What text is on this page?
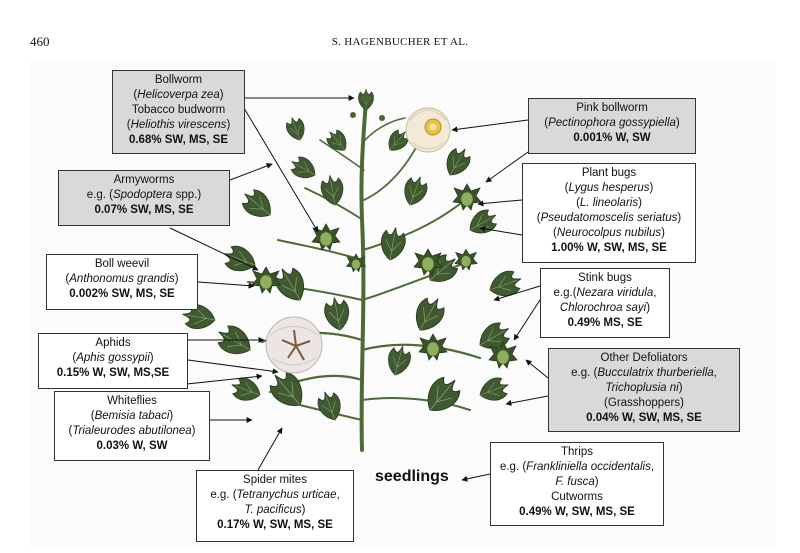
460	S. HAGENBUCHER ET AL.
Bollworm
(Helicoverpa zea)
Tobacco budworm
(Heliothis virescens)
0.68% SW, MS, SE
Armyworms
e.g. (Spodoptera spp.)
0.07% SW, MS, SE
Boll weevil
(Anthonomus grandis)
0.002% SW, MS, SE
Aphids
(Aphis gossypii)
0.15% W, SW, MS,SE
Whiteflies
(Bemisia tabaci)
(Trialeurodes abutilonea)
0.03% W, SW
Spider mites
e.g. (Tetranychus urticae,
T. pacificus)
0.17% W, SW, MS, SE
Pink bollworm
(Pectinophora gossypiella)
0.001% W, SW
Plant bugs
(Lygus hesperus)
(L. lineolaris)
(Pseudatomoscelis seriatus)
(Neurocolpus nubilus)
1.00% W, SW, MS, SE
Stink bugs
e.g.(Nezara viridula,
Chlorochroa sayi)
0.49% MS, SE
Other Defoliators
e.g. (Bucculatrix thurberiella,
Trichoplusia ni)
(Grasshoppers)
0.04% W, SW, MS, SE
Thrips
e.g. (Frankliniella occidentalis,
F. fusca)
Cutworms
0.49% W, SW, MS, SE
seedlings
